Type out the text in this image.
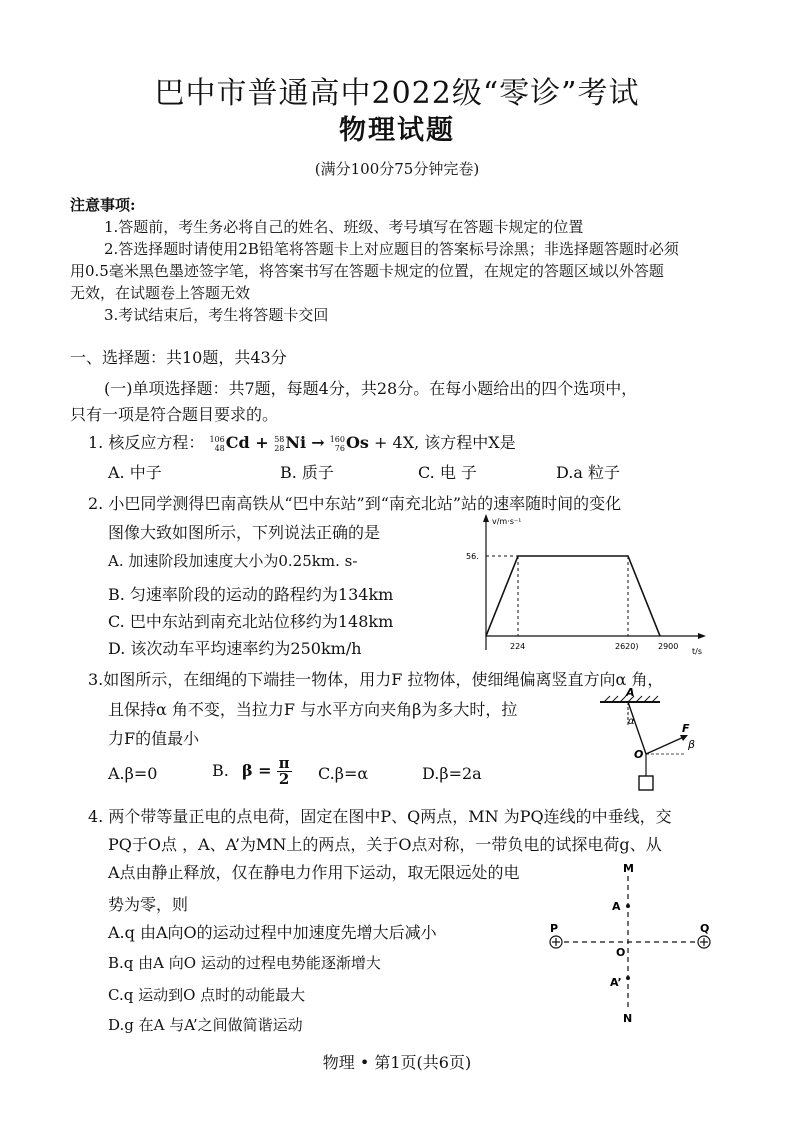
巴中市普通高中2022级“零诊”考试
物理试题
(满分100分75分钟完卷)
注意事项:
1.答题前，考生务必将自己的姓名、班级、考号填写在答题卡规定的位置
2.答选择题时请使用2B铅笔将答题卡上对应题目的答案标号涂黑；非选择题答题时必须
用0.5毫米黑色墨迹签字笔，将答案书写在答题卡规定的位置，在规定的答题区域以外答题
无效，在试题卷上答题无效
3.考试结束后，考生将答题卡交回
一、选择题：共10题，共43分
(一)单项选择题：共7题，每题4分，共28分。在每小题给出的四个选项中，
只有一项是符合题目要求的。
1. 核反应方程： 106
48 Cd + 58
28 Ni → 160
76 Os + 4X, 该方程中X是
A. 中子	B. 质子	C. 电 子	D.a 粒子
2. 小巴同学测得巴南高铁从“巴中东站”到“南充北站”站的速率随时间的变化
图像大致如图所示，下列说法正确的是
A. 加速阶段加速度大小为0.25km. s-
B. 匀速率阶段的运动的路程约为134km
C. 巴中东站到南充北站位移约为148km
D. 该次动车平均速率约为250km/h
v/m·s⁻¹
t/s
56.
224	2620) 2900
3.如图所示，在细绳的下端挂一物体，用力F 拉物体，使细绳偏离竖直方向α 角，
且保持α 角不变，当拉力F 与水平方向夹角β为多大时，拉
力F的值最小
A.β=0	B. $\beta = \frac{\pi}{2} C.\beta=\alpha$	D.β=2a
A
α
F
β
O
4. 两个带等量正电的点电荷，固定在图中P、Q两点，MN 为PQ连线的中垂线，交
PQ于O点 ，A、A’为MN上的两点，关于O点对称，一带负电的试探电荷g、从
A点由静止释放，仅在静电力作用下运动，取无限远处的电
势为零，则
A.q 由A向O的运动过程中加速度先增大后减小
B.q 由A 向O 运动的过程电势能逐渐增大
C.q 运动到O 点时的动能最大
D.g 在A 与A’之间做简谐运动
M
A
P	Q
O
A’
N
物理 • 第1页(共6页)
